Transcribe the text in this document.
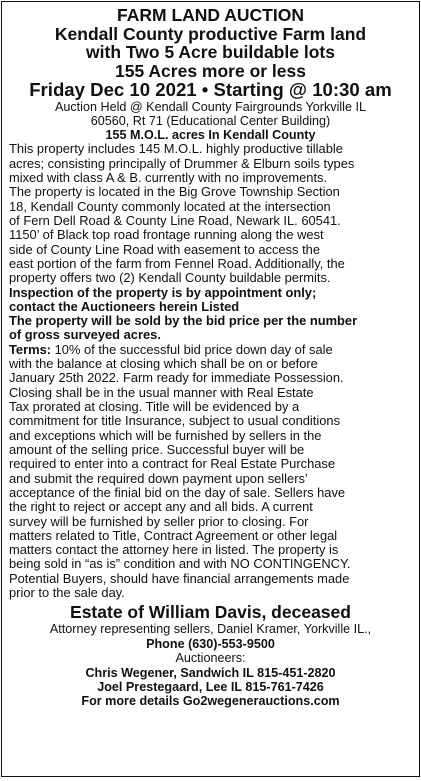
FARM LAND AUCTION
Kendall County productive Farm land
with Two 5 Acre buildable lots
155 Acres more or less
Friday Dec 10 2021 • Starting @ 10:30 am
Auction Held @ Kendall County Fairgrounds Yorkville IL
60560, Rt 71 (Educational Center Building)
155 M.O.L. acres In Kendall County
This property includes 145 M.O.L. highly productive tillable
acres; consisting principally of Drummer & Elburn soils types
mixed with class A & B. currently with no improvements.
The property is located in the Big Grove Township Section
18, Kendall County commonly located at the intersection
of Fern Dell Road & County Line Road, Newark IL. 60541.
1150’ of Black top road frontage running along the west
side of County Line Road with easement to access the
east portion of the farm from Fennel Road. Additionally, the
property offers two (2) Kendall County buildable permits.
Inspection of the property is by appointment only;
contact the Auctioneers herein Listed
The property will be sold by the bid price per the number
of gross surveyed acres.
Terms: 10% of the successful bid price down day of sale
with the balance at closing which shall be on or before
January 25th 2022. Farm ready for immediate Possession.
Closing shall be in the usual manner with Real Estate
Tax prorated at closing. Title will be evidenced by a
commitment for title Insurance, subject to usual conditions
and exceptions which will be furnished by sellers in the
amount of the selling price. Successful buyer will be
required to enter into a contract for Real Estate Purchase
and submit the required down payment upon sellers’
acceptance of the finial bid on the day of sale. Sellers have
the right to reject or accept any and all bids. A current
survey will be furnished by seller prior to closing. For
matters related to Title, Contract Agreement or other legal
matters contact the attorney here in listed. The property is
being sold in “as is” condition and with NO CONTINGENCY.
Potential Buyers, should have financial arrangements made
prior to the sale day.
Estate of William Davis, deceased
Attorney representing sellers, Daniel Kramer, Yorkville IL.,
Phone (630)-553-9500
Auctioneers:
Chris Wegener, Sandwich IL 815-451-2820
Joel Prestegaard, Lee IL 815-761-7426
For more details Go2wegenerauctions.com
